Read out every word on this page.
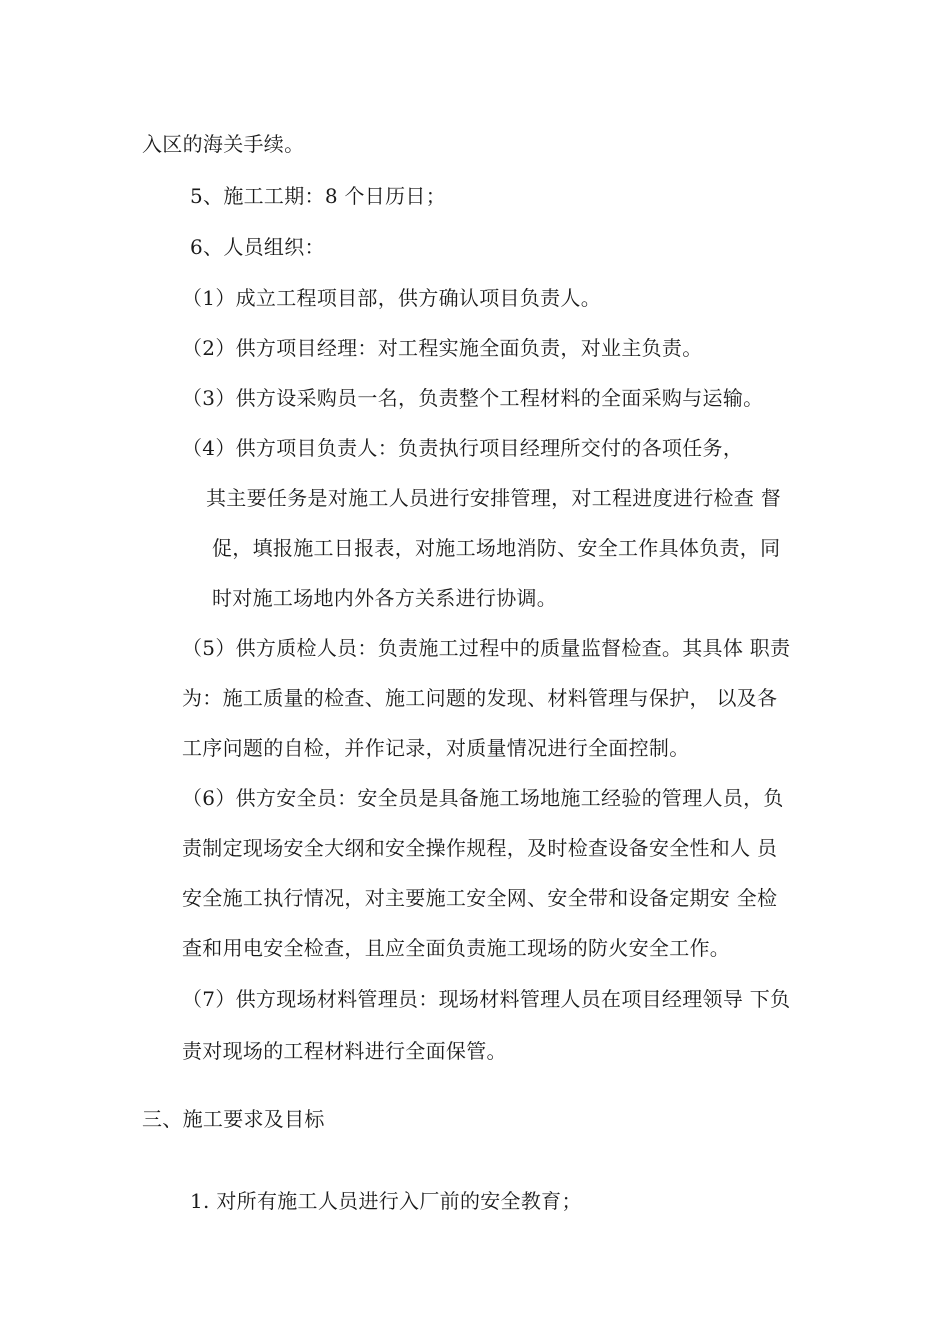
入区的海关手续。
5、施工工期：8 个日历日；
6、人员组织：
（1）成立工程项目部，供方确认项目负责人。
（2）供方项目经理：对工程实施全面负责，对业主负责。
（3）供方设采购员一名，负责整个工程材料的全面采购与运输。
（4）供方项目负责人：负责执行项目经理所交付的各项任务，
其主要任务是对施工人员进行安排管理，对工程进度进行检查 督
促，填报施工日报表，对施工场地消防、安全工作具体负责，同
时对施工场地内外各方关系进行协调。
（5）供方质检人员：负责施工过程中的质量监督检查。其具体 职责
为：施工质量的检查、施工问题的发现、材料管理与保护， 以及各
工序问题的自检，并作记录，对质量情况进行全面控制。
（6）供方安全员：安全员是具备施工场地施工经验的管理人员，负
责制定现场安全大纲和安全操作规程，及时检查设备安全性和人 员
安全施工执行情况，对主要施工安全网、安全带和设备定期安 全检
查和用电安全检查，且应全面负责施工现场的防火安全工作。
（7）供方现场材料管理员：现场材料管理人员在项目经理领导 下负
责对现场的工程材料进行全面保管。
三、施工要求及目标
1. 对所有施工人员进行入厂前的安全教育；
